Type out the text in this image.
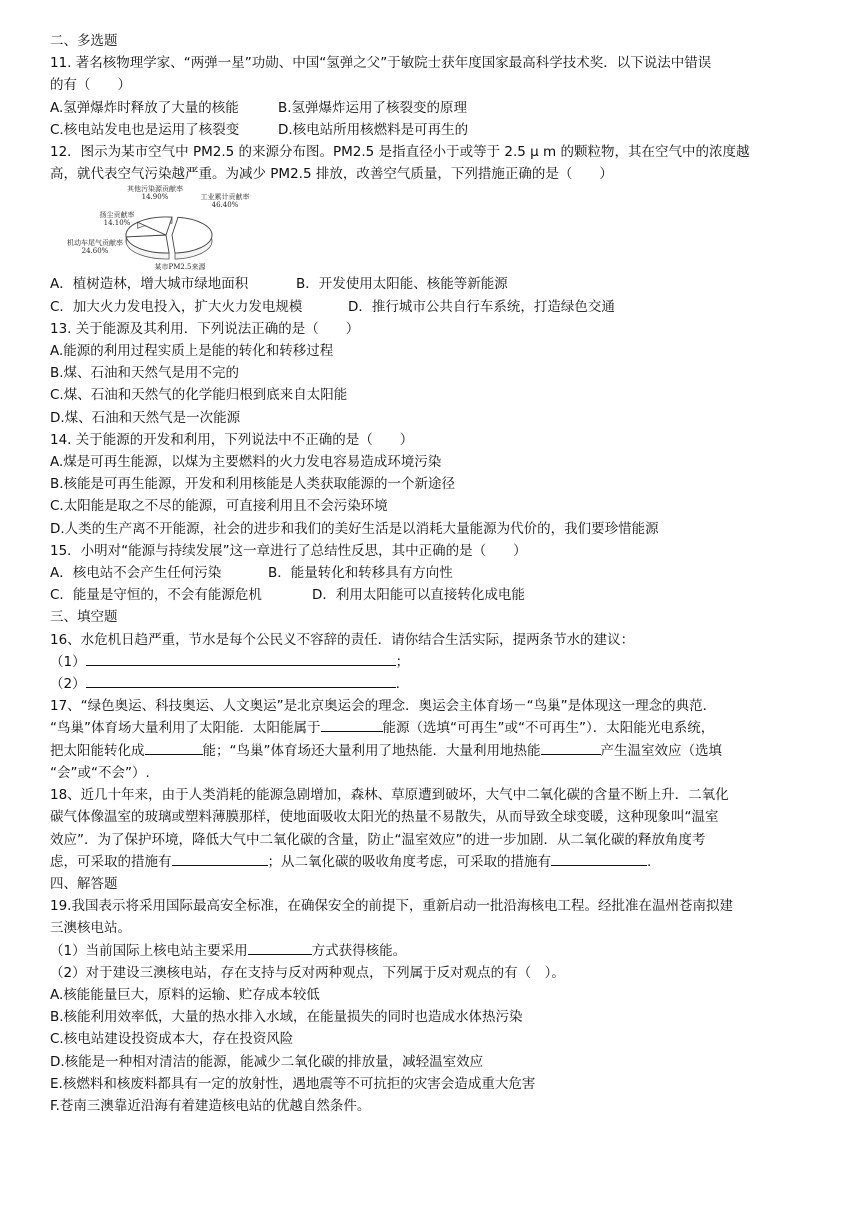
二、多选题
11. 著名核物理学家、“两弹一星”功勋、中国“氢弹之父”于敏院士获年度国家最高科学技术奖．以下说法中错误
的有（　　）
A.氢弹爆炸时释放了大量的核能	B.氢弹爆炸运用了核裂变的原理
C.核电站发电也是运用了核裂变	D.核电站所用核燃料是可再生的
12．图示为某市空气中 PM2.5 的来源分布图。PM2.5 是指直径小于或等于 2.5 μ m 的颗粒物，其在空气中的浓度越
高，就代表空气污染越严重。为减少 PM2.5 排放，改善空气质量，下列措施正确的是（　　）
其他污染源贡献率
14.90%	工业累计贡献率
46.40%
扬尘贡献率
14.10%
机动车尾气贡献率
24.60%
某市PM2.5来源
A．植树造林，增大城市绿地面积	B．开发使用太阳能、核能等新能源
C．加大火力发电投入，扩大火力发电规模	D．推行城市公共自行车系统，打造绿色交通
13. 关于能源及其利用．下列说法正确的是（　　）
A.能源的利用过程实质上是能的转化和转移过程
B.煤、石油和天然气是用不完的
C.煤、石油和天然气的化学能归根到底来自太阳能
D.煤、石油和天然气是一次能源
14. 关于能源的开发和利用，下列说法中不正确的是（　　）
A.煤是可再生能源，以煤为主要燃料的火力发电容易造成环境污染
B.核能是可再生能源，开发和利用核能是人类获取能源的一个新途径
C.太阳能是取之不尽的能源，可直接利用且不会污染环境
D.人类的生产离不开能源，社会的进步和我们的美好生活是以消耗大量能源为代价的，我们要珍惜能源
15．小明对“能源与持续发展”这一章进行了总结性反思，其中正确的是（　　）
A．核电站不会产生任何污染	B．能量转化和转移具有方向性
C．能量是守恒的，不会有能源危机	D．利用太阳能可以直接转化成电能
三、填空题
16、水危机日趋严重，节水是每个公民义不容辞的责任．请你结合生活实际，提两条节水的建议：
（1）	；
（2）	.
17、“绿色奥运、科技奥运、人文奥运”是北京奥运会的理念．奥运会主体育场－“鸟巢”是体现这一理念的典范．
“鸟巢”体育场大量利用了太阳能．太阳能属于	能源（选填“可再生”或“不可再生”）．太阳能光电系统，
把太阳能转化成	能；“鸟巢”体育场还大量利用了地热能．大量利用地热能	产生温室效应（选填
“会”或“不会”）.
18、近几十年来，由于人类消耗的能源急剧增加，森林、草原遭到破坏，大气中二氧化碳的含量不断上升．二氧化
碳气体像温室的玻璃或塑料薄膜那样，使地面吸收太阳光的热量不易散失，从而导致全球变暖，这种现象叫“温室
效应”．为了保护环境，降低大气中二氧化碳的含量，防止“温室效应”的进一步加剧．从二氧化碳的释放角度考
虑，可采取的措施有	；从二氧化碳的吸收角度考虑，可采取的措施有	.
四、解答题
19.我国表示将采用国际最高安全标准，在确保安全的前提下，重新启动一批沿海核电工程。经批准在温州苍南拟建
三澳核电站。
（1）当前国际上核电站主要采用	方式获得核能。
（2）对于建设三澳核电站，存在支持与反对两种观点，下列属于反对观点的有（　）。
A.核能能量巨大，原料的运输、贮存成本较低
B.核能利用效率低，大量的热水排入水域，在能量损失的同时也造成水体热污染
C.核电站建设投资成本大，存在投资风险
D.核能是一种相对清洁的能源，能减少二氧化碳的排放量，减轻温室效应
E.核燃料和核废料都具有一定的放射性，遇地震等不可抗拒的灾害会造成重大危害
F.苍南三澳靠近沿海有着建造核电站的优越自然条件。
